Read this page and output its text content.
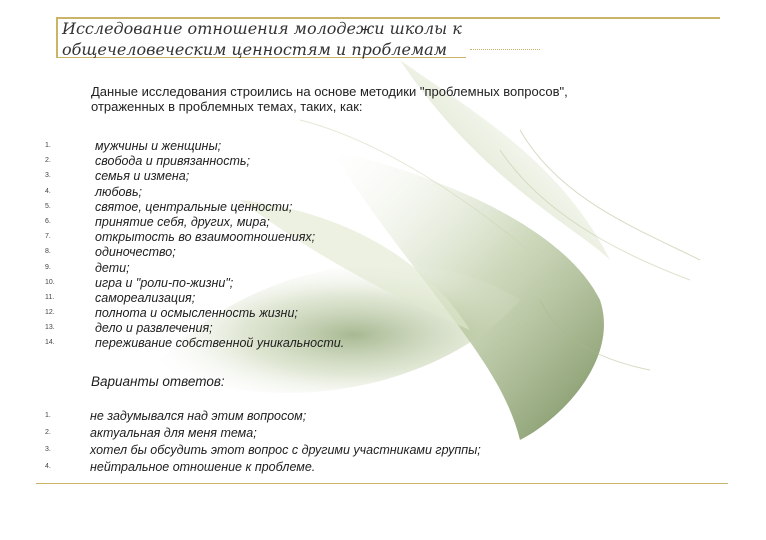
Исследование отношения молодежи школы к
общечеловеческим ценностям и проблемам

Данные исследования строились на основе методики "проблемных вопросов",
отраженных в проблемных темах, таких, как:

1.	мужчины и женщины;
2.	свобода и привязанность;
3.	семья и измена;
4.	любовь;
5.	святое, центральные ценности;
6.	принятие себя, других, мира;
7.	открытость во взаимоотношениях;
8.	одиночество;
9.	дети;
10.	игра и "роли-по-жизни";
11.	самореализация;
12.	полнота и осмысленность жизни;
13.	дело и развлечения;
14.	переживание собственной уникальности.
Варианты ответов:
1.	не задумывался над этим вопросом;
2.	актуальная для меня тема;
3.	хотел бы обсудить этот вопрос с другими участниками группы;
4.	нейтральное отношение к проблеме.
